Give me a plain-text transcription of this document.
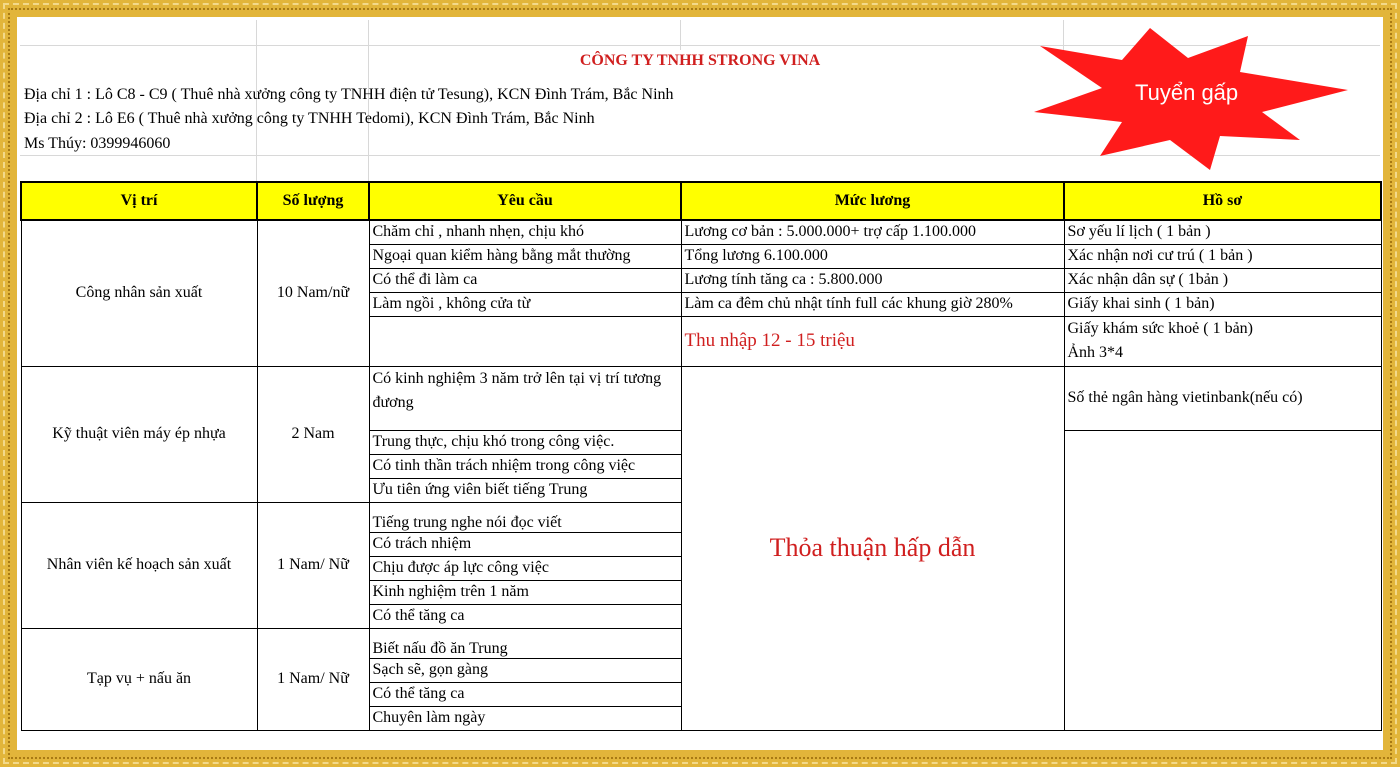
CÔNG TY TNHH STRONG VINA
Địa chỉ 1 : Lô C8 - C9 ( Thuê nhà xưởng công ty TNHH điện tử Tesung), KCN Đình Trám, Bắc Ninh
Địa chỉ 2 : Lô E6 ( Thuê nhà xưởng công ty TNHH Tedomi), KCN Đình Trám, Bắc Ninh
Ms Thúy: 0399946060
Tuyển gấp
Vị trí	Số lượng	Yêu cầu	Mức lương	Hồ sơ
Công nhân sản xuất	10 Nam/nữ	Chăm chỉ , nhanh nhẹn, chịu khó	Lương cơ bản : 5.000.000+ trợ cấp 1.100.000	Sơ yếu lí lịch ( 1 bản )
		Ngoại quan kiểm hàng bằng mắt thường	Tổng lương 6.100.000	Xác nhận nơi cư trú ( 1 bản )
		Có thể đi làm ca	Lương tính tăng ca : 5.800.000	Xác nhận dân sự ( 1bản )
		Làm ngồi , không cửa từ	Làm ca đêm chủ nhật tính full các khung giờ 280%	Giấy khai sinh ( 1 bản)
			Thu nhập 12 - 15 triệu	Giấy khám sức khoẻ ( 1 bản)
Ảnh 3*4

Kỹ thuật viên máy ép nhựa	2 Nam	Có kinh nghiệm 3 năm trở lên tại vị trí tương đương	Thỏa thuận hấp dẫn	Số thẻ ngân hàng vietinbank(nếu có)
		Trung thực, chịu khó trong công việc.		
		Có tinh thần trách nhiệm trong công việc		
		Ưu tiên ứng viên biết tiếng Trung		
Nhân viên kế hoạch sản xuất	1 Nam/ Nữ	Tiếng trung nghe nói đọc viết		
		Có trách nhiệm		
		Chịu được áp lực công việc		
		Kinh nghiệm trên 1 năm		
		Có thể tăng ca		
Tạp vụ + nấu ăn	1 Nam/ Nữ	Biết nấu đồ ăn Trung		
		Sạch sẽ, gọn gàng		
		Có thể tăng ca		
		Chuyên làm ngày		
